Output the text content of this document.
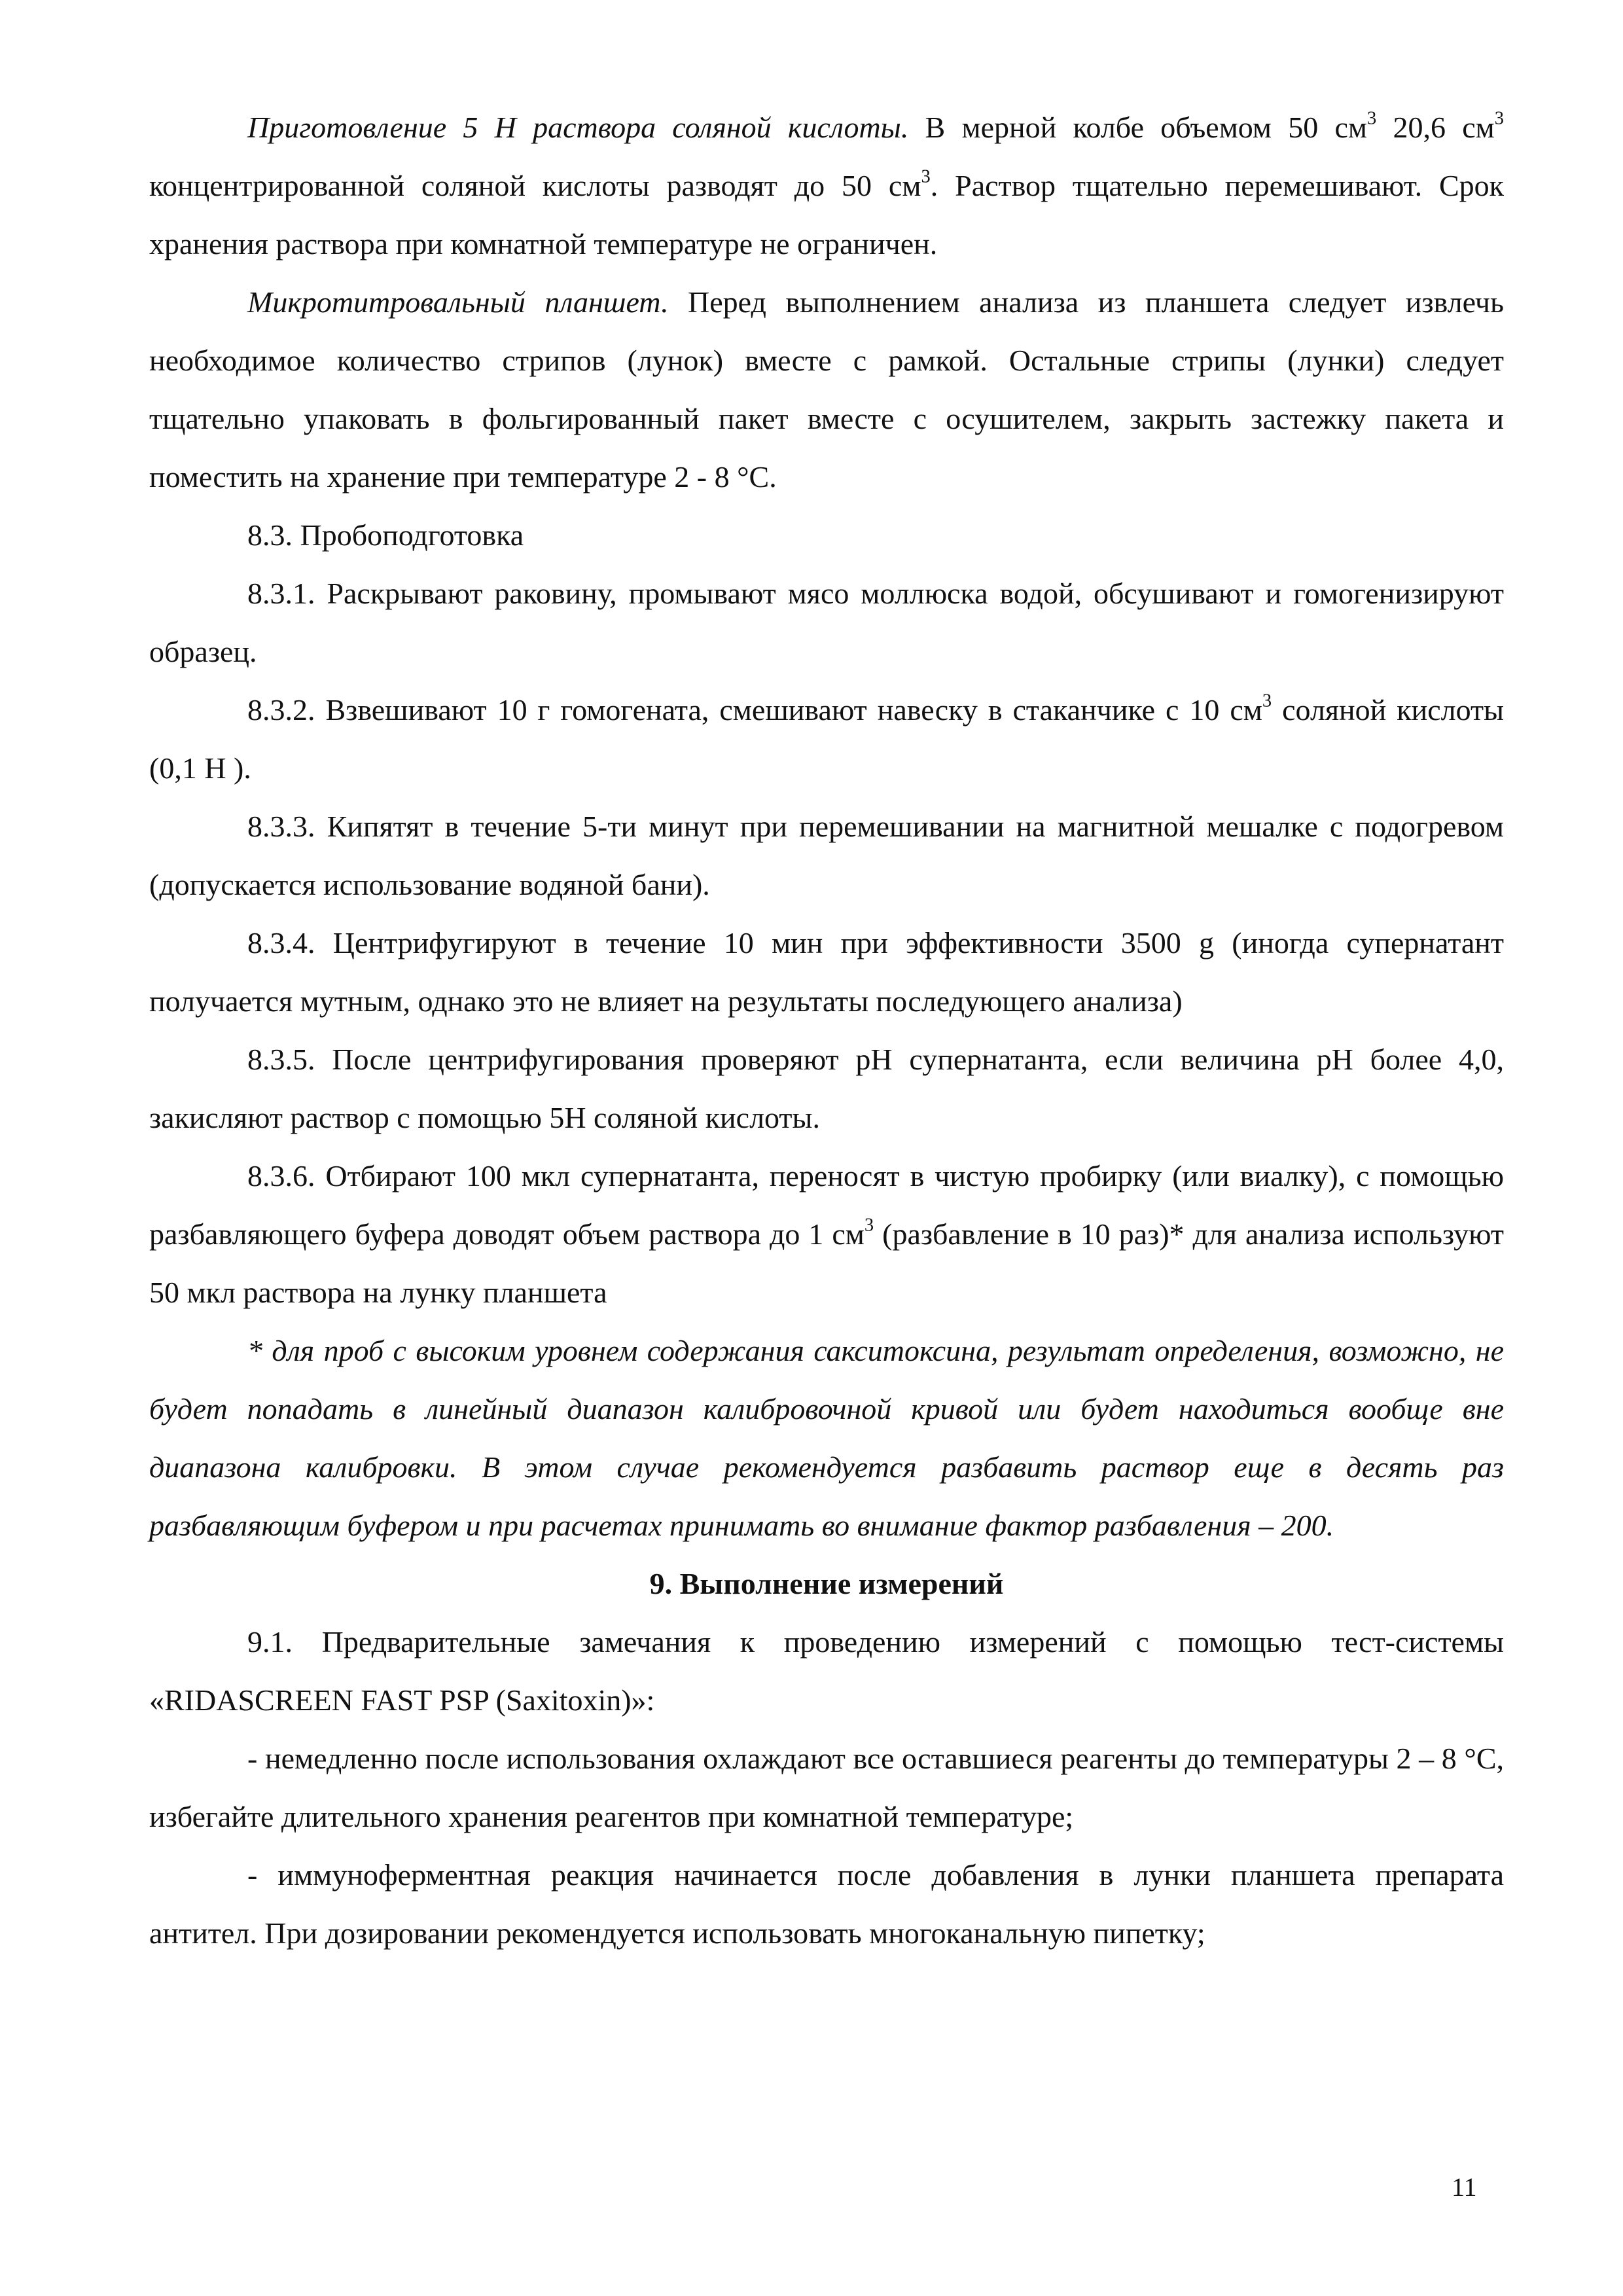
Приготовление 5 Н раствора соляной кислоты. В мерной колбе объемом 50 $см^3$ 20,6 $см^3$ концентрированной соляной кислоты разводят до 50 $см^3$. Раствор тщательно перемешивают. Срок хранения раствора при комнатной температуре не ограничен.

Микротитровальный планшет. Перед выполнением анализа из планшета следует извлечь необходимое количество стрипов (лунок) вместе с рамкой. Остальные стрипы (лунки) следует тщательно упаковать в фольгированный пакет вместе с осушителем, закрыть застежку пакета и поместить на хранение при температуре 2 - 8 °С.

8.3. Пробоподготовка

8.3.1. Раскрывают раковину, промывают мясо моллюска водой, обсушивают и гомогенизируют образец.

8.3.2. Взвешивают 10 г гомогената, смешивают навеску в стаканчике с 10 $см^3$ соляной кислоты (0,1 Н ).

8.3.3. Кипятят в течение 5-ти минут при перемешивании на магнитной мешалке с подогревом (допускается использование водяной бани).

8.3.4. Центрифугируют в течение 10 мин при эффективности 3500 g (иногда супернатант получается мутным, однако это не влияет на результаты последующего анализа)

8.3.5. После центрифугирования проверяют pH супернатанта, если величина pH более 4,0, закисляют раствор с помощью 5Н соляной кислоты.

8.3.6. Отбирают 100 мкл супернатанта, переносят в чистую пробирку (или виалку), с помощью разбавляющего буфера доводят объем раствора до 1 $см^3$ (разбавление в 10 раз)* для анализа используют 50 мкл раствора на лунку планшета

* для проб с высоким уровнем содержания сакситоксина, результат определения, возможно, не будет попадать в линейный диапазон калибровочной кривой или будет находиться вообще вне диапазона калибровки. В этом случае рекомендуется разбавить раствор еще в десять раз разбавляющим буфером и при расчетах принимать во внимание фактор разбавления – 200.

9. Выполнение измерений

9.1. Предварительные замечания к проведению измерений с помощью тест-системы «RIDASCREEN FAST PSP (Saxitoxin)»:

- немедленно после использования охлаждают все оставшиеся реагенты до температуры 2 – 8 °С, избегайте длительного хранения реагентов при комнатной температуре;

- иммуноферментная реакция начинается после добавления в лунки планшета препарата антител. При дозировании рекомендуется использовать многоканальную пипетку;

11
